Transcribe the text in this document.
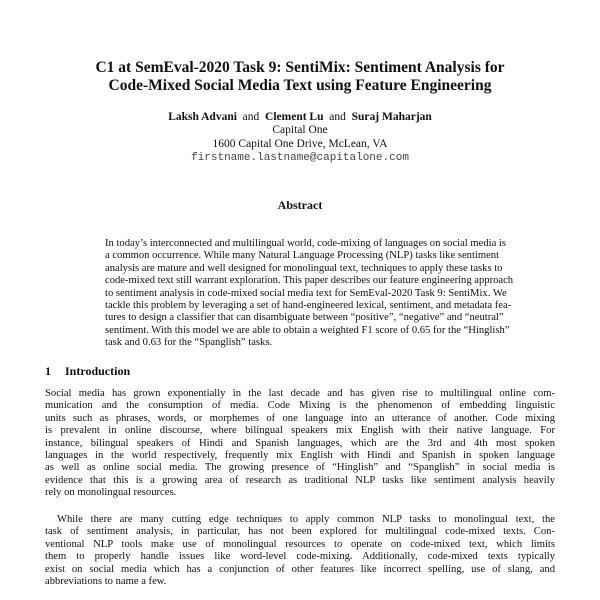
C1 at SemEval-2020 Task 9: SentiMix: Sentiment Analysis for
Code-Mixed Social Media Text using Feature Engineering
Laksh Advani and Clement Lu and Suraj Maharjan
Capital One
1600 Capital One Drive, McLean, VA
firstname.lastname@capitalone.com
Abstract
In today’s interconnected and multilingual world, code-mixing of languages on social media is
a common occurrence. While many Natural Language Processing (NLP) tasks like sentiment
analysis are mature and well designed for monolingual text, techniques to apply these tasks to
code-mixed text still warrant exploration. This paper describes our feature engineering approach
to sentiment analysis in code-mixed social media text for SemEval-2020 Task 9: SentiMix. We
tackle this problem by leveraging a set of hand-engineered lexical, sentiment, and metadata fea-
tures to design a classifier that can disambiguate between “positive”, “negative” and “neutral”
sentiment. With this model we are able to obtain a weighted F1 score of 0.65 for the “Hinglish”
task and 0.63 for the “Spanglish” tasks.
1 Introduction
Social media has grown exponentially in the last decade and has given rise to multilingual online com-
munication and the consumption of media. Code Mixing is the phenomenon of embedding linguistic
units such as phrases, words, or morphemes of one language into an utterance of another. Code mixing
is prevalent in online discourse, where bilingual speakers mix English with their native language. For
instance, bilingual speakers of Hindi and Spanish languages, which are the 3rd and 4th most spoken
languages in the world respectively, frequently mix English with Hindi and Spanish in spoken language
as well as online social media. The growing presence of “Hinglish” and “Spanglish” in social media is
evidence that this is a growing area of research as traditional NLP tasks like sentiment analysis heavily
rely on monolingual resources.
While there are many cutting edge techniques to apply common NLP tasks to monolingual text, the
task of sentiment analysis, in particular, has not been explored for multilingual code-mixed texts. Con-
ventional NLP tools make use of monolingual resources to operate on code-mixed text, which limits
them to properly handle issues like word-level code-mixing. Additionally, code-mixed texts typically
exist on social media which has a conjunction of other features like incorrect spelling, use of slang, and
abbreviations to name a few.
